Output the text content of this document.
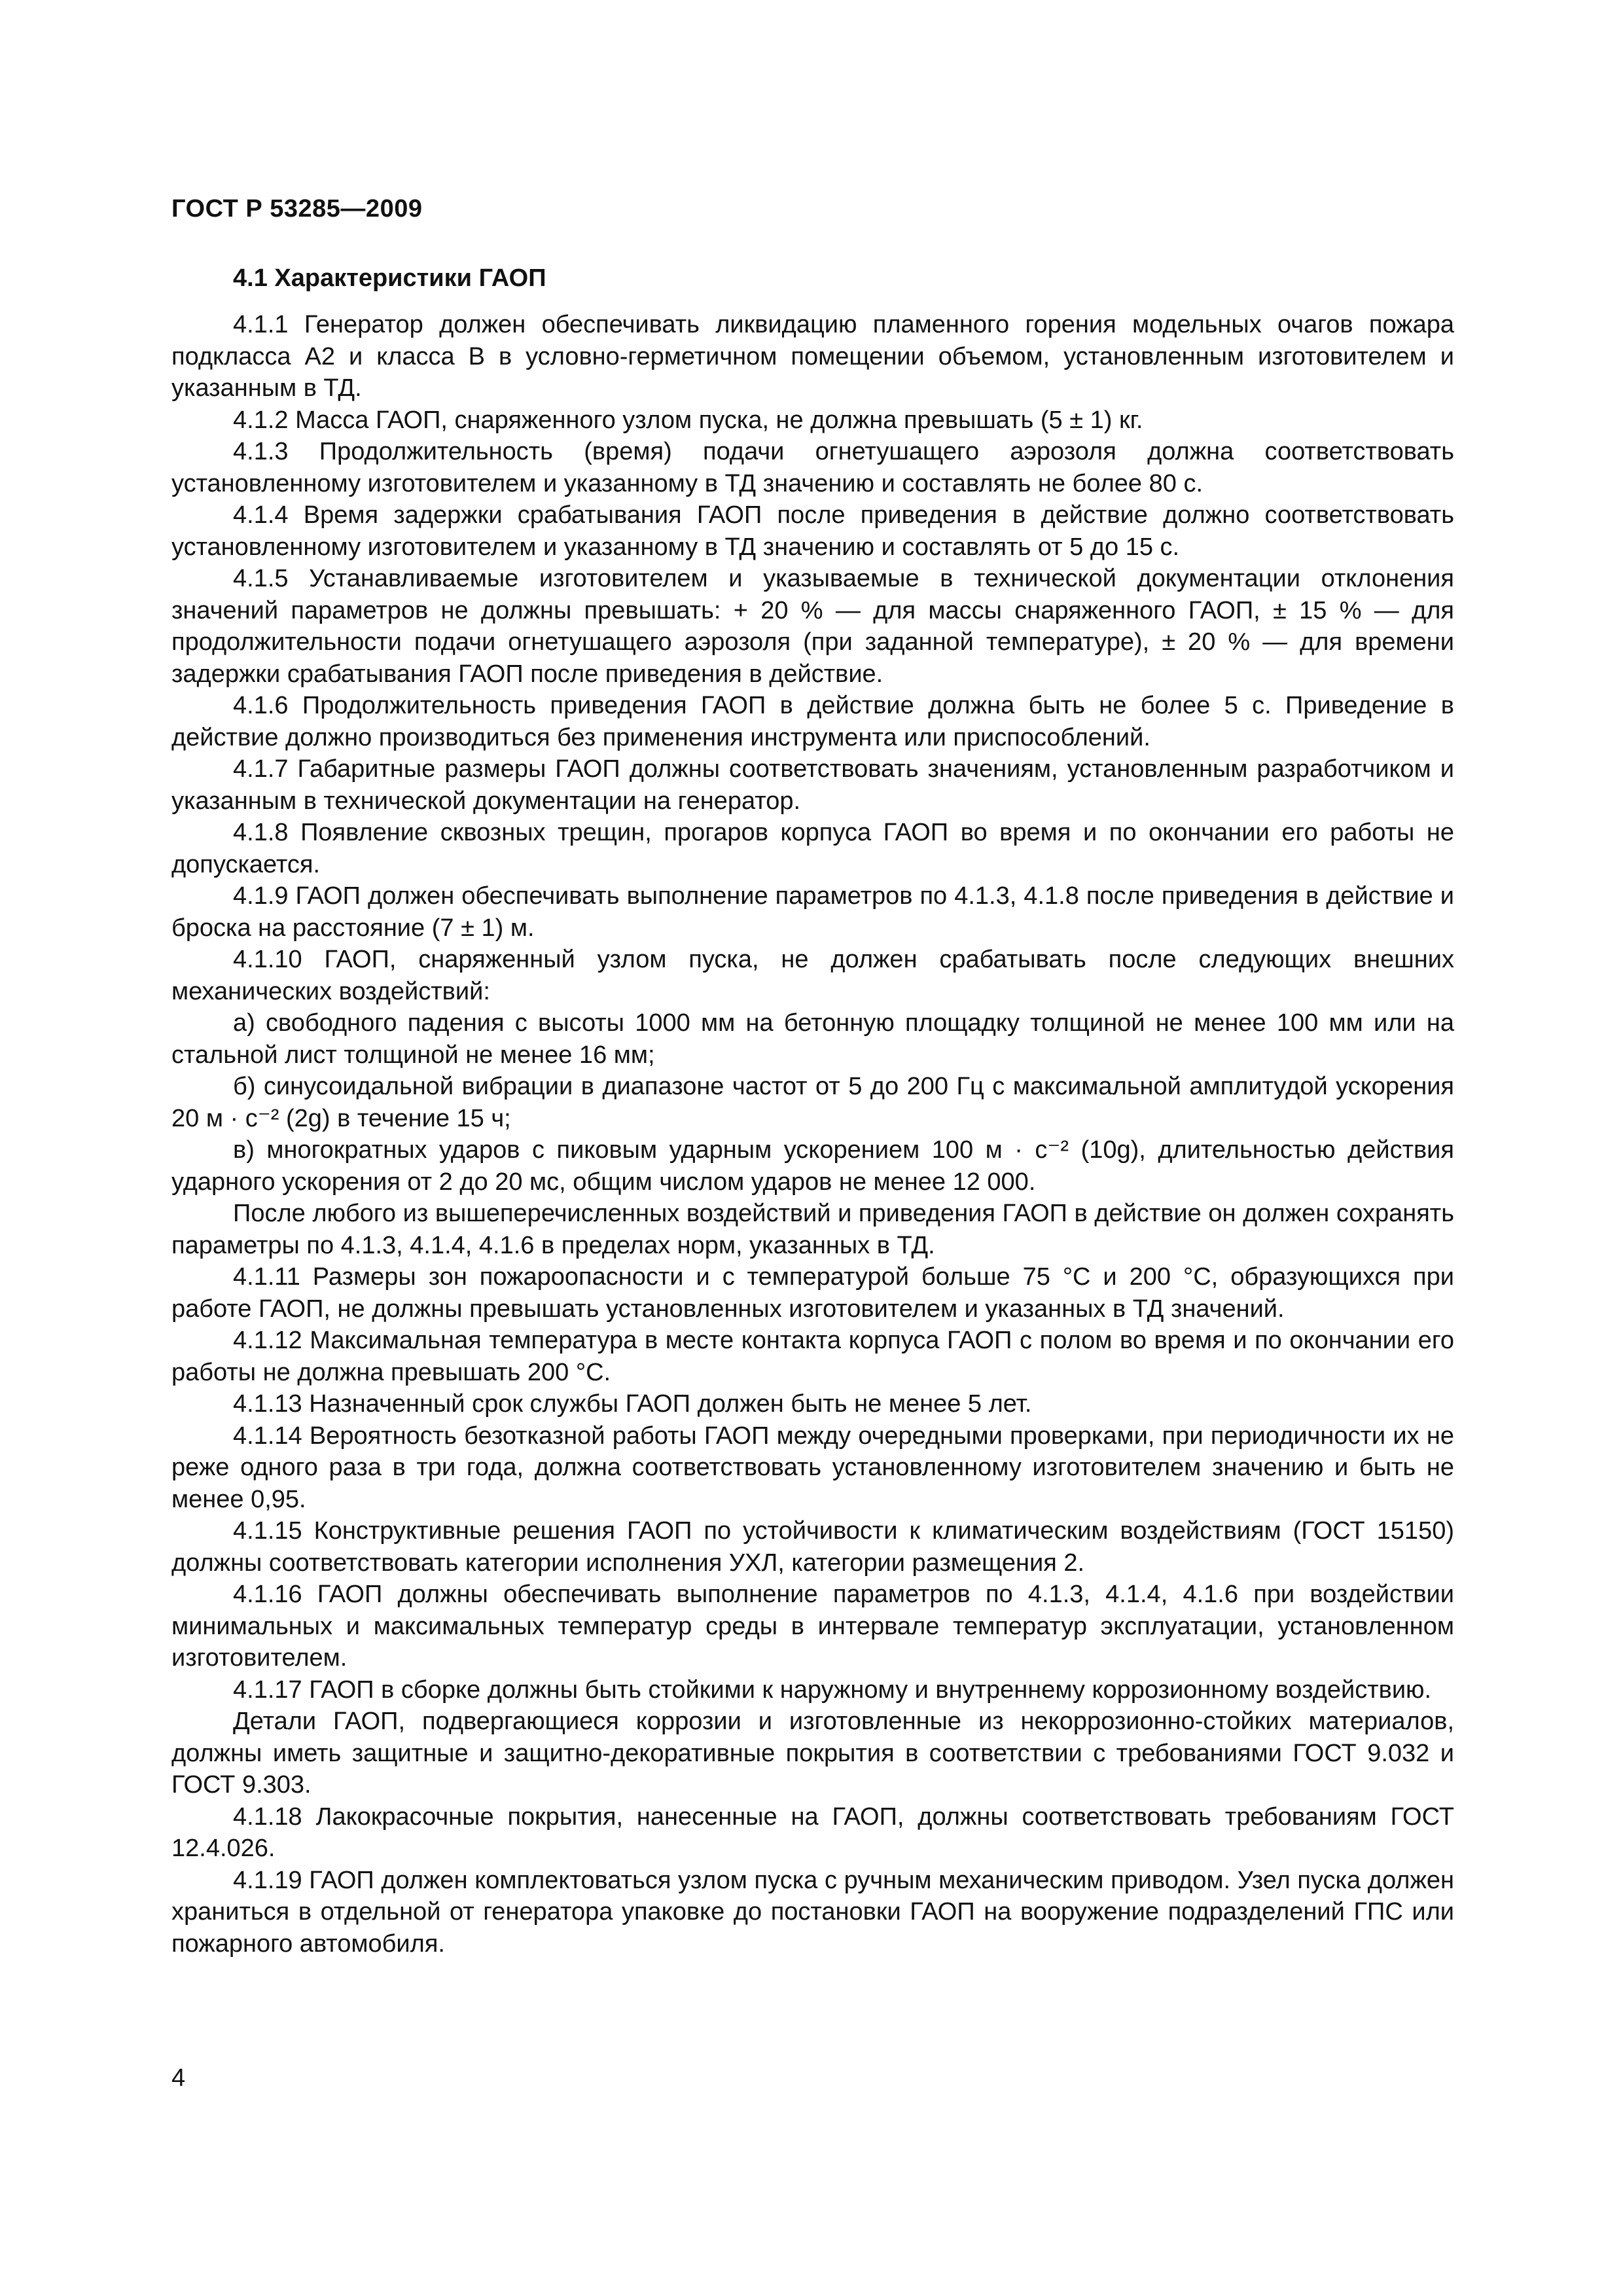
ГОСТ Р 53285—2009
4.1 Характеристики ГАОП

4.1.1 Генератор должен обеспечивать ликвидацию пламенного горения модельных очагов пожара подкласса А2 и класса В в условно-герметичном помещении объемом, установленным изготовителем и указанным в ТД.

4.1.2 Масса ГАОП, снаряженного узлом пуска, не должна превышать (5 ± 1) кг.

4.1.3 Продолжительность (время) подачи огнетушащего аэрозоля должна соответствовать установленному изготовителем и указанному в ТД значению и составлять не более 80 с.

4.1.4 Время задержки срабатывания ГАОП после приведения в действие должно соответствовать установленному изготовителем и указанному в ТД значению и составлять от 5 до 15 с.

4.1.5 Устанавливаемые изготовителем и указываемые в технической документации отклонения значений параметров не должны превышать: + 20 % — для массы снаряженного ГАОП, ± 15 % — для продолжительности подачи огнетушащего аэрозоля (при заданной температуре), ± 20 % — для времени задержки срабатывания ГАОП после приведения в действие.

4.1.6 Продолжительность приведения ГАОП в действие должна быть не более 5 с. Приведение в действие должно производиться без применения инструмента или приспособлений.

4.1.7 Габаритные размеры ГАОП должны соответствовать значениям, установленным разработчиком и указанным в технической документации на генератор.

4.1.8 Появление сквозных трещин, прогаров корпуса ГАОП во время и по окончании его работы не допускается.

4.1.9 ГАОП должен обеспечивать выполнение параметров по 4.1.3, 4.1.8 после приведения в действие и броска на расстояние (7 ± 1) м.

4.1.10 ГАОП, снаряженный узлом пуска, не должен срабатывать после следующих внешних механических воздействий:

а) свободного падения с высоты 1000 мм на бетонную площадку толщиной не менее 100 мм или на стальной лист толщиной не менее 16 мм;

б) синусоидальной вибрации в диапазоне частот от 5 до 200 Гц с максимальной амплитудой ускорения 20 м · с⁻² (2g) в течение 15 ч;

в) многократных ударов с пиковым ударным ускорением 100 м · с⁻² (10g), длительностью действия ударного ускорения от 2 до 20 мс, общим числом ударов не менее 12 000.

После любого из вышеперечисленных воздействий и приведения ГАОП в действие он должен сохранять параметры по 4.1.3, 4.1.4, 4.1.6 в пределах норм, указанных в ТД.

4.1.11 Размеры зон пожароопасности и с температурой больше 75 °С и 200 °С, образующихся при работе ГАОП, не должны превышать установленных изготовителем и указанных в ТД значений.

4.1.12 Максимальная температура в месте контакта корпуса ГАОП с полом во время и по окончании его работы не должна превышать 200 °С.

4.1.13 Назначенный срок службы ГАОП должен быть не менее 5 лет.

4.1.14 Вероятность безотказной работы ГАОП между очередными проверками, при периодичности их не реже одного раза в три года, должна соответствовать установленному изготовителем значению и быть не менее 0,95.

4.1.15 Конструктивные решения ГАОП по устойчивости к климатическим воздействиям (ГОСТ 15150) должны соответствовать категории исполнения УХЛ, категории размещения 2.

4.1.16 ГАОП должны обеспечивать выполнение параметров по 4.1.3, 4.1.4, 4.1.6 при воздействии минимальных и максимальных температур среды в интервале температур эксплуатации, установленном изготовителем.

4.1.17 ГАОП в сборке должны быть стойкими к наружному и внутреннему коррозионному воздействию.

Детали ГАОП, подвергающиеся коррозии и изготовленные из некоррозионно-стойких материалов, должны иметь защитные и защитно-декоративные покрытия в соответствии с требованиями ГОСТ 9.032 и ГОСТ 9.303.

4.1.18 Лакокрасочные покрытия, нанесенные на ГАОП, должны соответствовать требованиям ГОСТ 12.4.026.

4.1.19 ГАОП должен комплектоваться узлом пуска с ручным механическим приводом. Узел пуска должен храниться в отдельной от генератора упаковке до постановки ГАОП на вооружение подразделений ГПС или пожарного автомобиля.

4
